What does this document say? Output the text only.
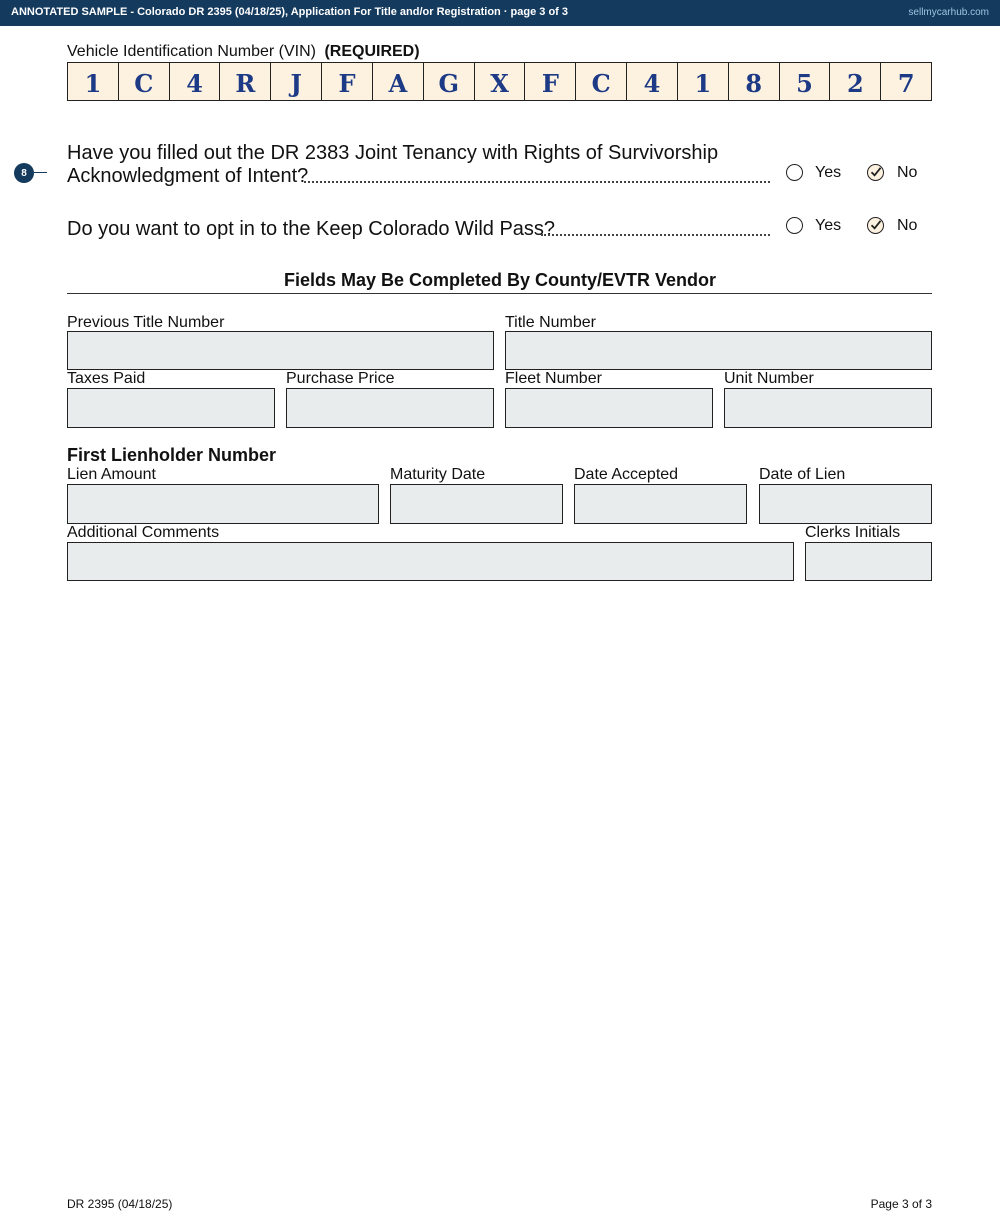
ANNOTATED SAMPLE - Colorado DR 2395 (04/18/25), Application For Title and/or Registration · page 3 of 3	sellmycarhub.com
Vehicle Identification Number (VIN) (REQUIRED)
1	C	4	R	J	F	A	G	X	F	C	4	1	8	5	2	7
8
Have you filled out the DR 2383 Joint Tenancy with Rights of Survivorship
Acknowledgment of Intent?	Yes	No
Do you want to opt in to the Keep Colorado Wild Pass?	Yes	No
Fields May Be Completed By County/EVTR Vendor
Previous Title Number	Title Number
Taxes Paid	Purchase Price	Fleet Number	Unit Number
First Lienholder Number
Lien Amount	Maturity Date	Date Accepted	Date of Lien
Additional Comments	Clerks Initials
DR 2395 (04/18/25)	Page 3 of 3
